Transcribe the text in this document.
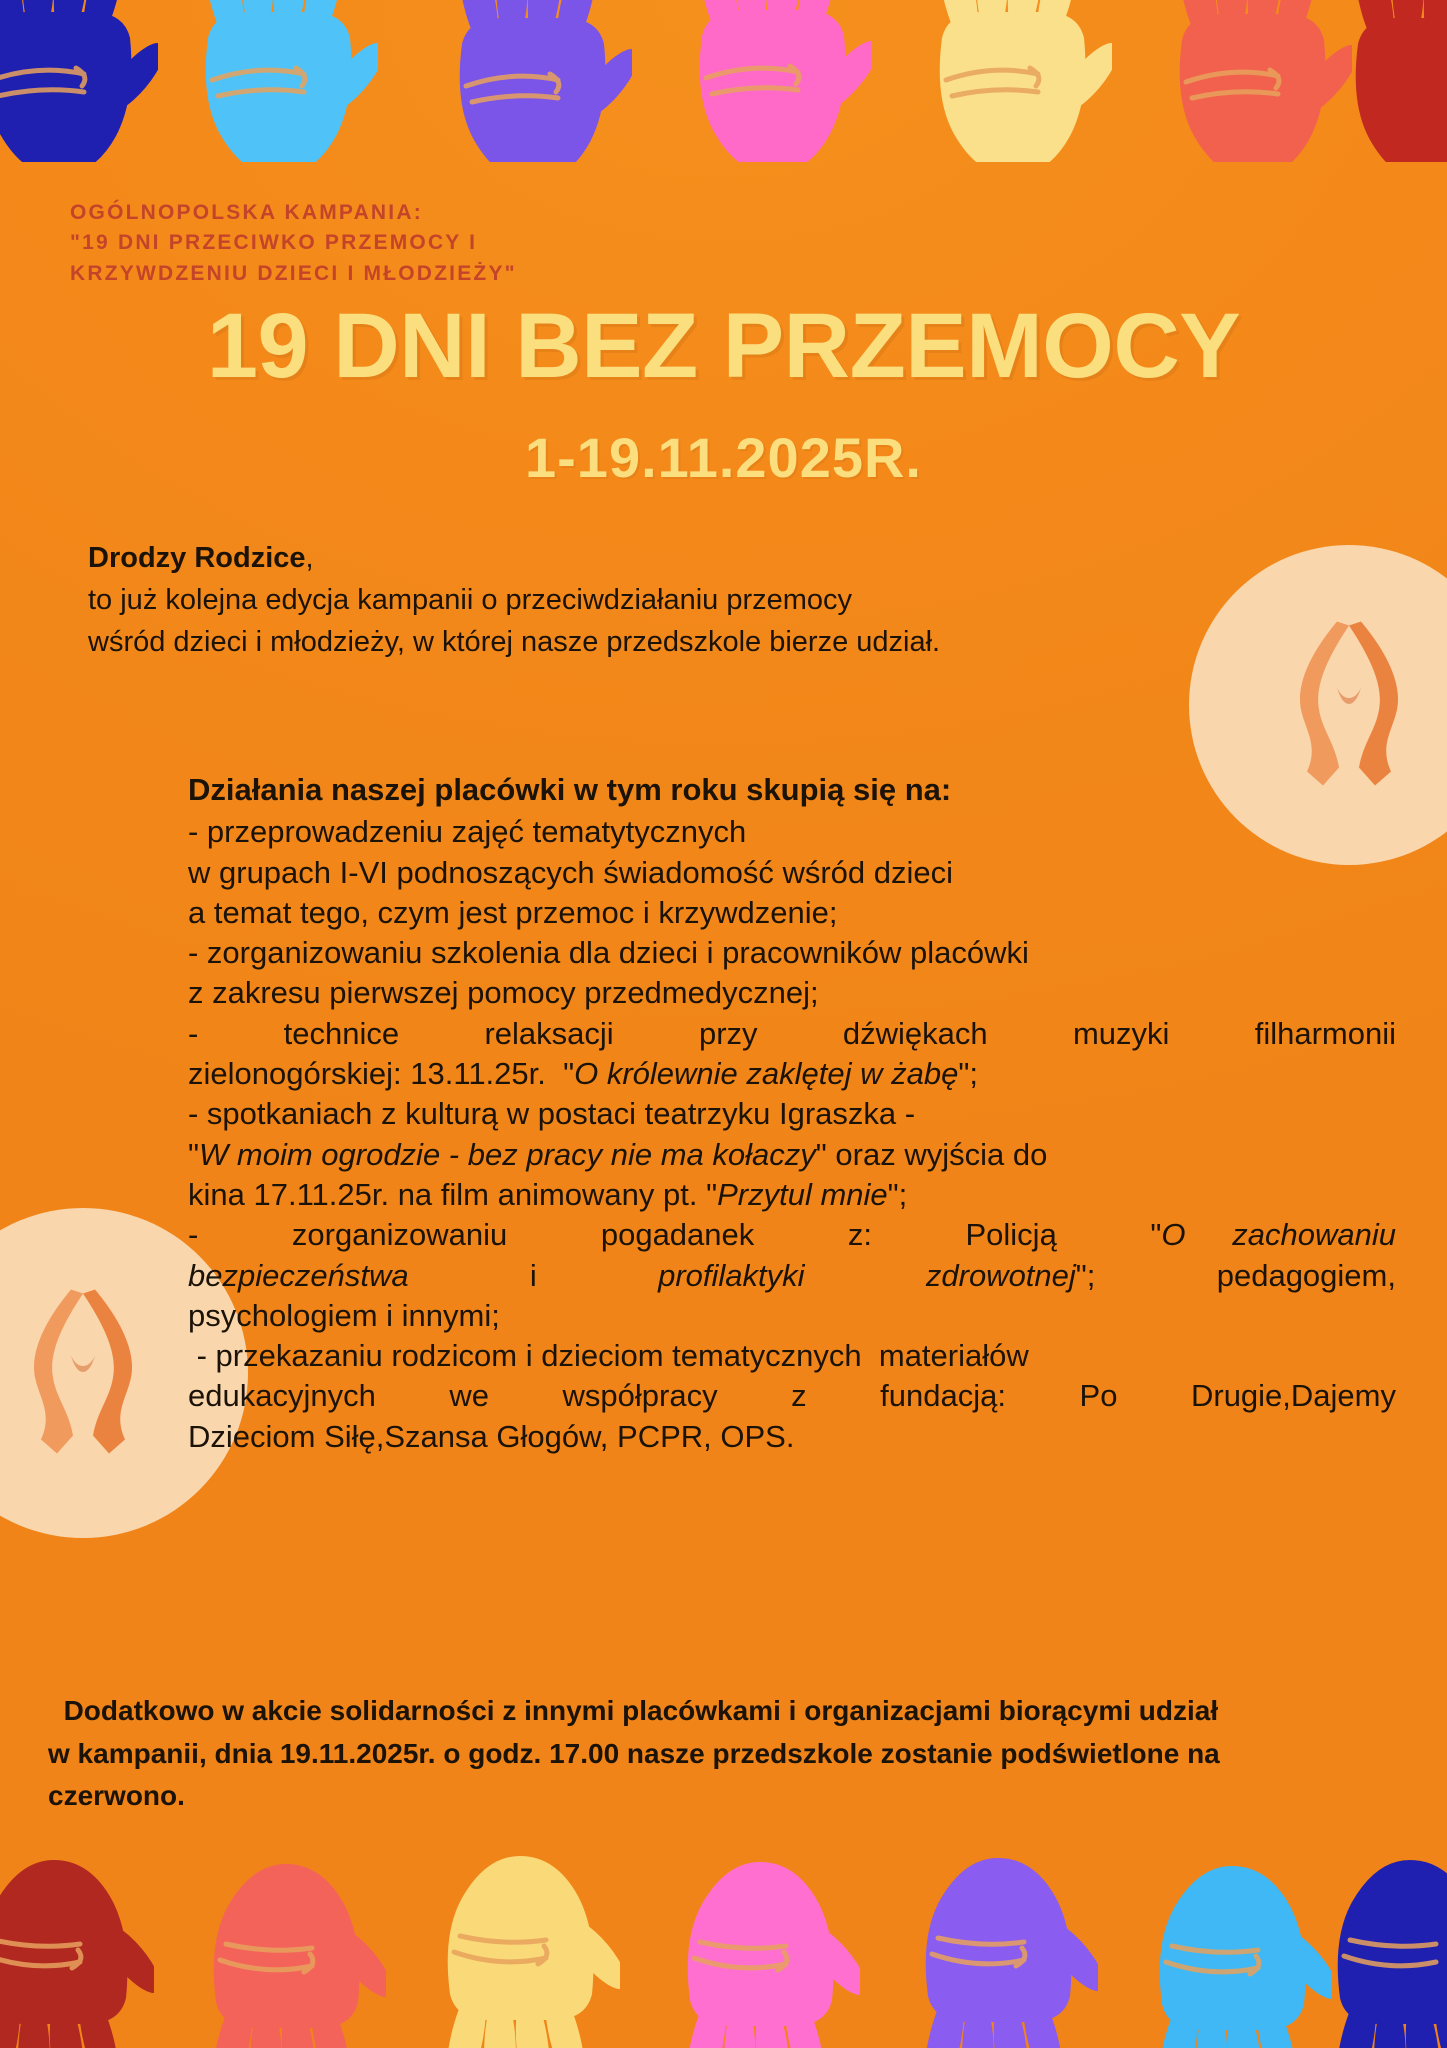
OGÓLNOPOLSKA KAMPANIA:
"19 DNI PRZECIWKO PRZEMOCY I
KRZYWDZENIU DZIECI I MŁODZIEŻY"
19 DNI BEZ PRZEMOCY
1-19.11.2025R.
Drodzy Rodzice,
to już kolejna edycja kampanii o przeciwdziałaniu przemocy
wśród dzieci i młodzieży, w której nasze przedszkole bierze udział.
Działania naszej placówki w tym roku skupią się na:
- przeprowadzeniu zajęć tematytycznych
w grupach I-VI podnoszących świadomość wśród dzieci
a temat tego, czym jest przemoc i krzywdzenie;
- zorganizowaniu szkolenia dla dzieci i pracowników placówki
z zakresu pierwszej pomocy przedmedycznej;
-  technice  relaksacji  przy  dźwiękach  muzyki  filharmonii
zielonogórskiej: 13.11.25r.  "O królewnie zaklętej w żabę";
- spotkaniach z kulturą w postaci teatrzyku Igraszka -
"W moim ogrodzie - bez pracy nie ma kołaczy" oraz wyjścia do
kina 17.11.25r. na film animowany pt. "Przytul mnie";
-  zorganizowaniu  pogadanek  z:  Policją  "O zachowaniu
bezpieczeństwa   i   profilaktyki	zdrowotnej";   pedagogiem,
psychologiem i innymi;
- przekazaniu rodzicom i dzieciom tematycznych  materiałów
edukacyjnych  we  współpracy  z  fundacją:  Po  Drugie,Dajemy
Dzieciom Siłę,Szansa Głogów, PCPR, OPS.
Dodatkowo w akcie solidarności z innymi placówkami i organizacjami biorącymi udział
w kampanii, dnia 19.11.2025r. o godz. 17.00 nasze przedszkole zostanie podświetlone na
czerwono.
